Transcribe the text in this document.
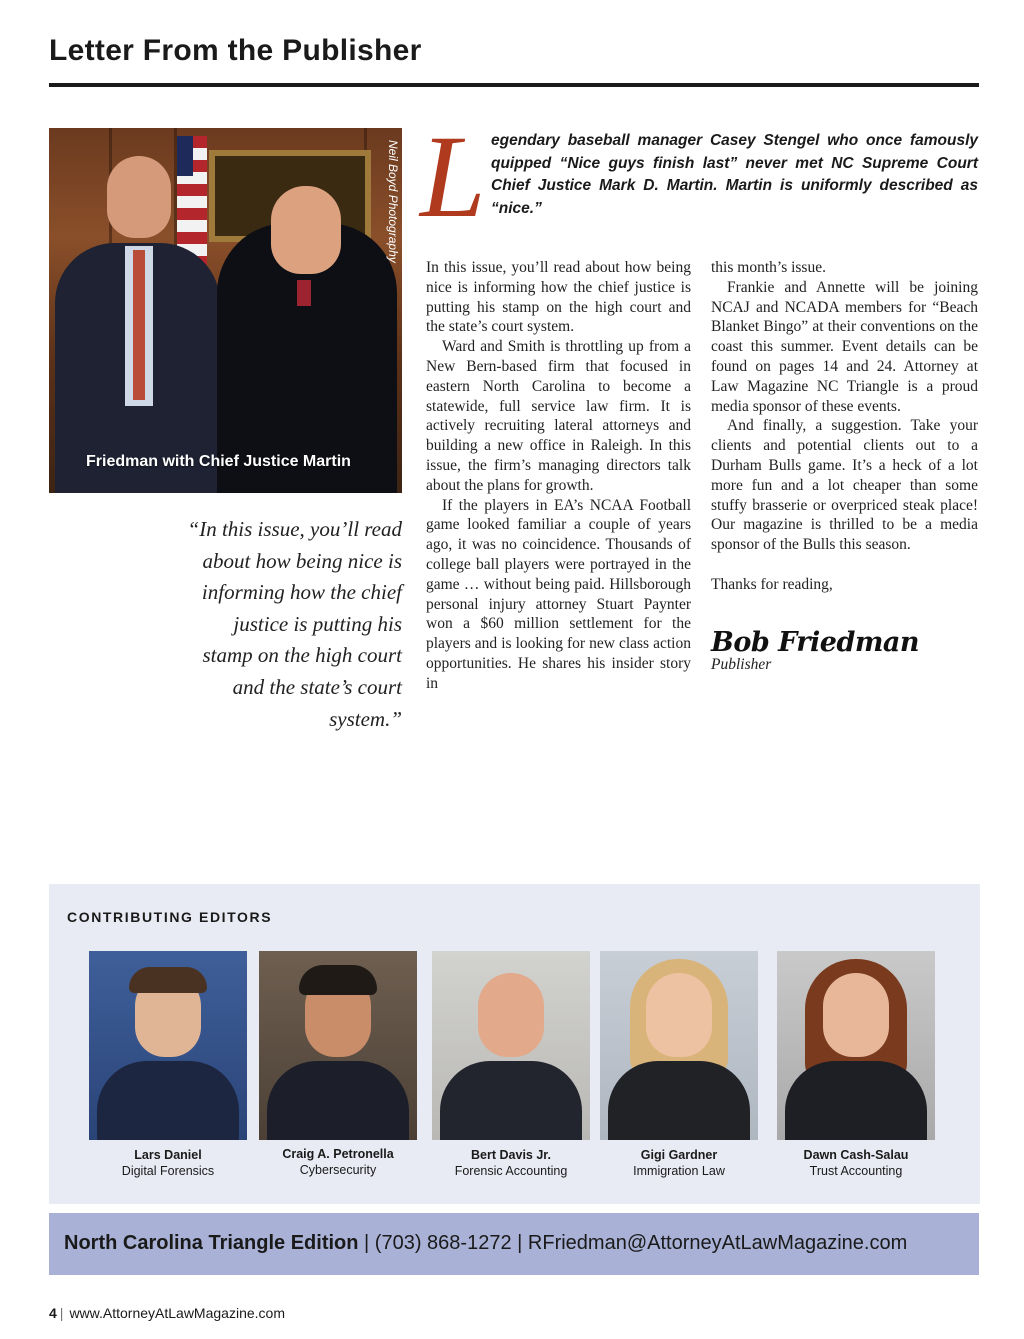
Letter From the Publisher
Neil Boyd Photography

Friedman with Chief Justice Martin

“In this issue, you’ll read about how being nice is informing how the chief justice is putting his stamp on the high court and the state’s court system.”

L egendary baseball manager Casey Stengel who once famously quipped “Nice guys finish last” never met NC Supreme Court Chief Justice Mark D. Martin. Martin is uniformly described as “nice.”

In this issue, you’ll read about how being nice is informing how the chief justice is putting his stamp on the high court and the state’s court system.

Ward and Smith is throttling up from a New Bern-based firm that focused in eastern North Carolina to become a statewide, full service law firm. It is actively recruiting lateral attorneys and building a new office in Raleigh. In this issue, the firm’s managing directors talk about the plans for growth.

If the players in EA’s NCAA Football game looked familiar a couple of years ago, it was no coincidence. Thousands of college ball players were portrayed in the game … without being paid. Hillsborough personal injury attorney Stuart Paynter won a $60 million settlement for the players and is looking for new class action opportunities. He shares his insider story in

this month’s issue.

Frankie and Annette will be joining NCAJ and NCADA members for “Beach Blanket Bingo” at their conventions on the coast this summer. Event details can be found on pages 14 and 24. Attorney at Law Magazine NC Triangle is a proud media sponsor of these events.

And finally, a suggestion. Take your clients and potential clients out to a Durham Bulls game. It’s a heck of a lot more fun and a lot cheaper than some stuffy brasserie or overpriced steak place! Our magazine is thrilled to be a media sponsor of the Bulls this season.

Thanks for reading,

Bob Friedman
Publisher
CONTRIBUTING EDITORS
Lars Daniel
Digital Forensics
Craig A. Petronella
Cybersecurity
Bert Davis Jr.
Forensic Accounting
Gigi Gardner
Immigration Law
Dawn Cash-Salau
Trust Accounting

North Carolina Triangle Edition | (703) 868-1272 | RFriedman@AttorneyAtLawMagazine.com

4 | www.AttorneyAtLawMagazine.com
